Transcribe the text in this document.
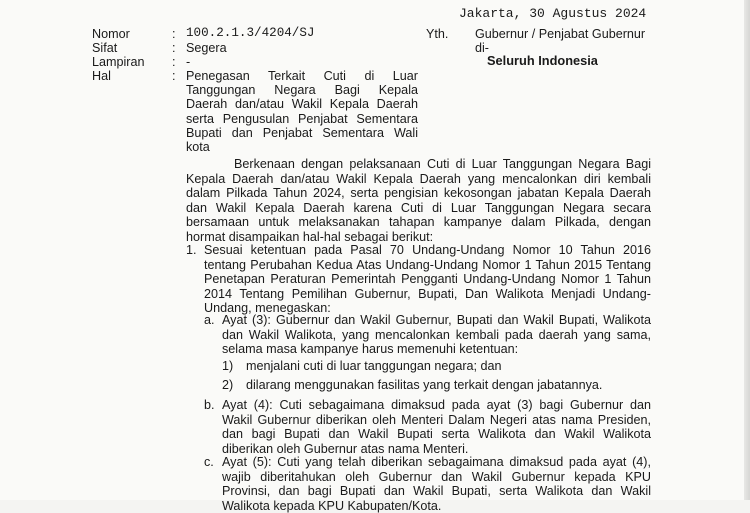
Jakarta, 30 Agustus 2024
Nomor	: 100.2.1.3/4204/SJ
Sifat	: Segera
Lampiran : -
Hal	: Penegasan Terkait Cuti di Luar
Tanggungan Negara Bagi Kepala
Daerah dan/atau Wakil Kepala Daerah
serta Pengusulan Penjabat Sementara
Bupati dan Penjabat Sementara Wali
kota
Yth. Gubernur / Penjabat Gubernur
di-
Seluruh Indonesia
Berkenaan dengan pelaksanaan Cuti di Luar Tanggungan Negara Bagi
Kepala Daerah dan/atau Wakil Kepala Daerah yang mencalonkan diri kembali
dalam Pilkada Tahun 2024, serta pengisian kekosongan jabatan Kepala Daerah
dan Wakil Kepala Daerah karena Cuti di Luar Tanggungan Negara secara
bersamaan untuk melaksanakan tahapan kampanye dalam Pilkada, dengan
hormat disampaikan hal-hal sebagai berikut:
1. Sesuai ketentuan pada Pasal 70 Undang-Undang Nomor 10 Tahun 2016
tentang Perubahan Kedua Atas Undang-Undang Nomor 1 Tahun 2015 Tentang
Penetapan Peraturan Pemerintah Pengganti Undang-Undang Nomor 1 Tahun
2014 Tentang Pemilihan Gubernur, Bupati, Dan Walikota Menjadi Undang-
Undang, menegaskan:
a. Ayat (3): Gubernur dan Wakil Gubernur, Bupati dan Wakil Bupati, Walikota
dan Wakil Walikota, yang mencalonkan kembali pada daerah yang sama,
selama masa kampanye harus memenuhi ketentuan:
1) menjalani cuti di luar tanggungan negara; dan
2) dilarang menggunakan fasilitas yang terkait dengan jabatannya.
b. Ayat (4): Cuti sebagaimana dimaksud pada ayat (3) bagi Gubernur dan
Wakil Gubernur diberikan oleh Menteri Dalam Negeri atas nama Presiden,
dan bagi Bupati dan Wakil Bupati serta Walikota dan Wakil Walikota
diberikan oleh Gubernur atas nama Menteri.
c. Ayat (5): Cuti yang telah diberikan sebagaimana dimaksud pada ayat (4),
wajib diberitahukan oleh Gubernur dan Wakil Gubernur kepada KPU
Provinsi, dan bagi Bupati dan Wakil Bupati, serta Walikota dan Wakil
Walikota kepada KPU Kabupaten/Kota.
